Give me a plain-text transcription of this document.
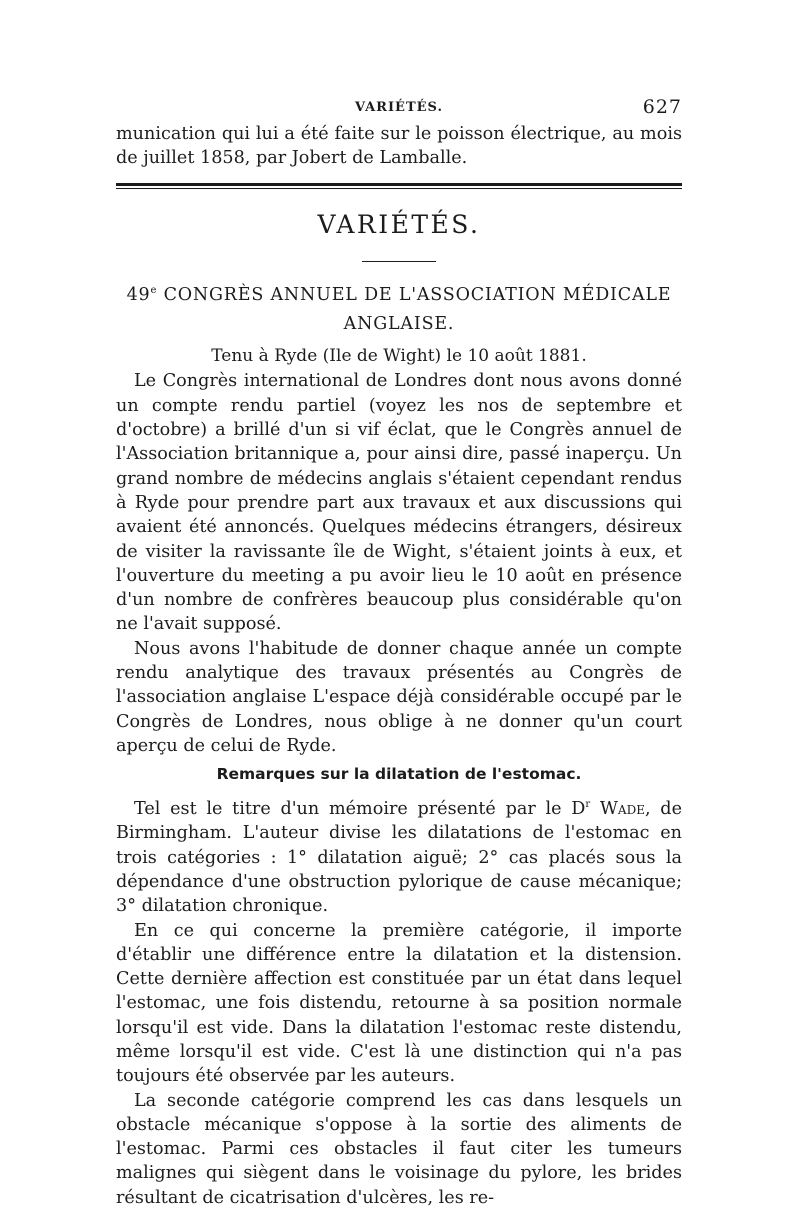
VARIÉTÉS.	627

munication qui lui a été faite sur le poisson électrique, au mois de juillet 1858, par Jobert de Lamballe.

VARIÉTÉS.
49e CONGRÈS ANNUEL DE L'ASSOCIATION MÉDICALE
ANGLAISE.
Tenu à Ryde (Ile de Wight) le 10 août 1881.

Le Congrès international de Londres dont nous avons donné un compte rendu partiel (voyez les nos de septembre et d'octobre) a brillé d'un si vif éclat, que le Congrès annuel de l'Association britannique a, pour ainsi dire, passé inaperçu. Un grand nombre de médecins anglais s'étaient cependant rendus à Ryde pour prendre part aux travaux et aux discussions qui avaient été annoncés. Quelques médecins étrangers, désireux de visiter la ravissante île de Wight, s'étaient joints à eux, et l'ouverture du meeting a pu avoir lieu le 10 août en présence d'un nombre de confrères beaucoup plus considérable qu'on ne l'avait supposé.

Nous avons l'habitude de donner chaque année un compte rendu analytique des travaux présentés au Congrès de l'association anglaise L'espace déjà considérable occupé par le Congrès de Londres, nous oblige à ne donner qu'un court aperçu de celui de Ryde.

Remarques sur la dilatation de l'estomac.

Tel est le titre d'un mémoire présenté par le $D^r$ Wade, de Birmingham. L'auteur divise les dilatations de l'estomac en trois catégories : 1° dilatation aiguë; 2° cas placés sous la dépendance d'une obstruction pylorique de cause mécanique; 3° dilatation chronique.

En ce qui concerne la première catégorie, il importe d'établir une différence entre la dilatation et la distension. Cette dernière affection est constituée par un état dans lequel l'estomac, une fois distendu, retourne à sa position normale lorsqu'il est vide. Dans la dilatation l'estomac reste distendu, même lorsqu'il est vide. C'est là une distinction qui n'a pas toujours été observée par les auteurs.

La seconde catégorie comprend les cas dans lesquels un obstacle mécanique s'oppose à la sortie des aliments de l'estomac. Parmi ces obstacles il faut citer les tumeurs malignes qui siègent dans le voisinage du pylore, les brides résultant de cicatrisation d'ulcères, les re-
